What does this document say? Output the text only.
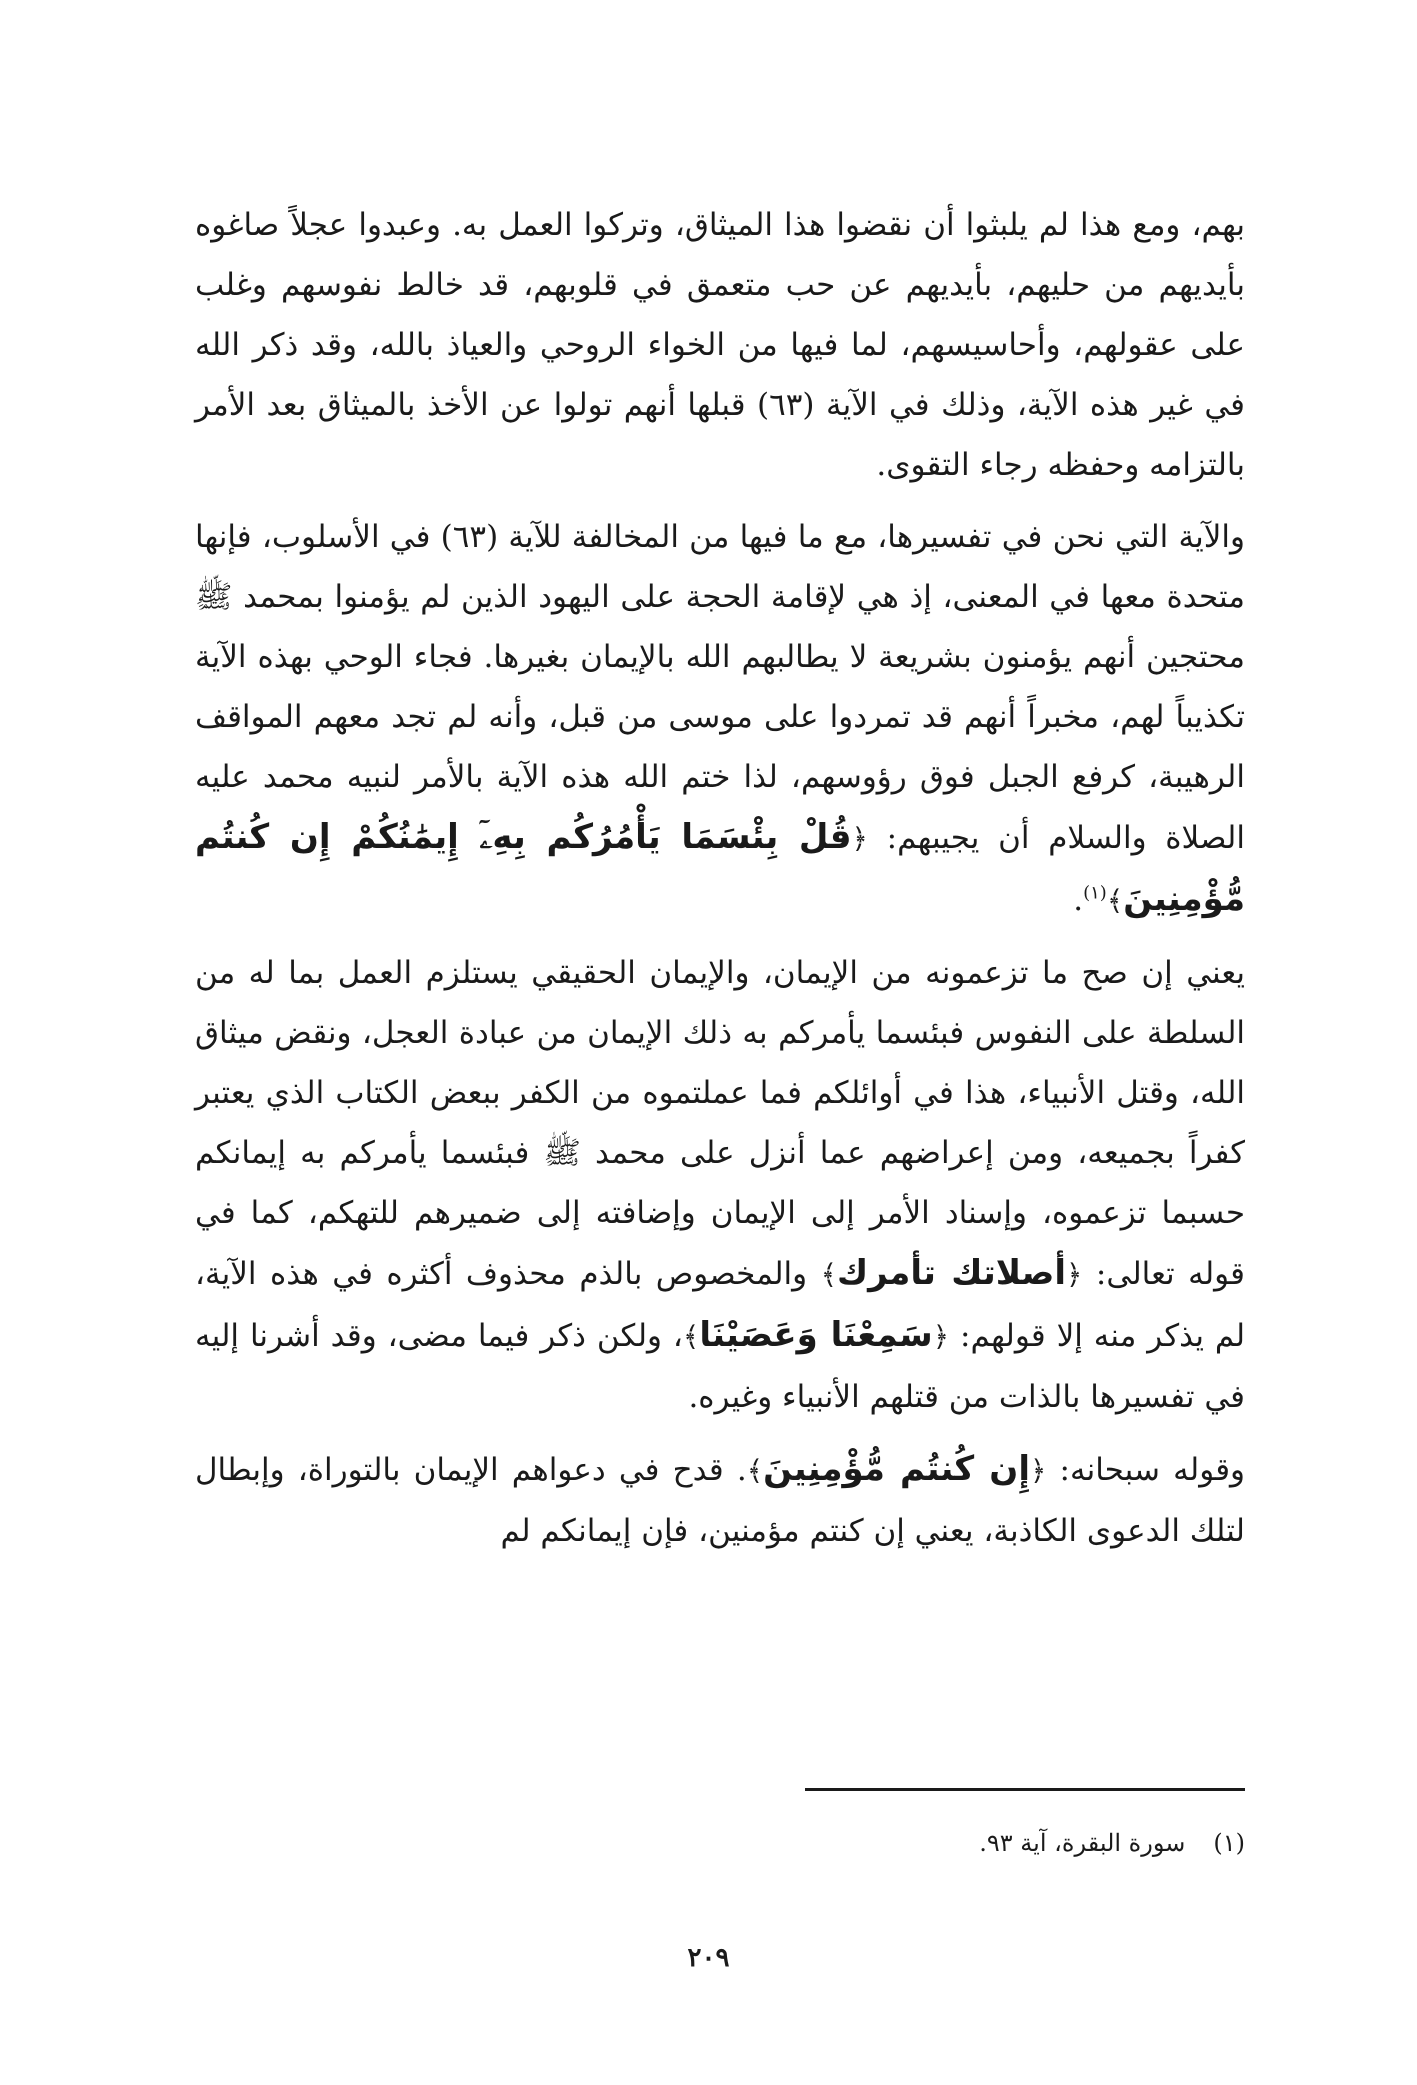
بهم، ومع هذا لم يلبثوا أن نقضوا هذا الميثاق، وتركوا العمل به. وعبدوا عجلاً صاغوه بأيديهم من حليهم، بأيديهم عن حب متعمق في قلوبهم، قد خالط نفوسهم وغلب على عقولهم، وأحاسيسهم، لما فيها من الخواء الروحي والعياذ بالله، وقد ذكر الله في غير هذه الآية، وذلك في الآية (٦٣) قبلها أنهم تولوا عن الأخذ بالميثاق بعد الأمر بالتزامه وحفظه رجاء التقوى.

والآية التي نحن في تفسيرها، مع ما فيها من المخالفة للآية (٦٣) في الأسلوب، فإنها متحدة معها في المعنى، إذ هي لإقامة الحجة على اليهود الذين لم يؤمنوا بمحمد ﷺ محتجين أنهم يؤمنون بشريعة لا يطالبهم الله بالإيمان بغيرها. فجاء الوحي بهذه الآية تكذيباً لهم، مخبراً أنهم قد تمردوا على موسى من قبل، وأنه لم تجد معهم المواقف الرهيبة، كرفع الجبل فوق رؤوسهم، لذا ختم الله هذه الآية بالأمر لنبيه محمد عليه الصلاة والسلام أن يجيبهم: ﴿قُلْ بِئْسَمَا يَأْمُرُكُم بِهِۦٓ إِيمَٰنُكُمْ إِن كُنتُم مُّؤْمِنِينَ﴾$^{(١)}$.

يعني إن صح ما تزعمونه من الإيمان، والإيمان الحقيقي يستلزم العمل بما له من السلطة على النفوس فبئسما يأمركم به ذلك الإيمان من عبادة العجل، ونقض ميثاق الله، وقتل الأنبياء، هذا في أوائلكم فما عملتموه من الكفر ببعض الكتاب الذي يعتبر كفراً بجميعه، ومن إعراضهم عما أنزل على محمد ﷺ فبئسما يأمركم به إيمانكم حسبما تزعموه، وإسناد الأمر إلى الإيمان وإضافته إلى ضميرهم للتهكم، كما في قوله تعالى: ﴿أصلاتك تأمرك﴾ والمخصوص بالذم محذوف أكثره في هذه الآية، لم يذكر منه إلا قولهم: ﴿سَمِعْنَا وَعَصَيْنَا﴾، ولكن ذكر فيما مضى، وقد أشرنا إليه في تفسيرها بالذات من قتلهم الأنبياء وغيره.

وقوله سبحانه: ﴿إِن كُنتُم مُّؤْمِنِينَ﴾. قدح في دعواهم الإيمان بالتوراة، وإبطال لتلك الدعوى الكاذبة، يعني إن كنتم مؤمنين، فإن إيمانكم لم

(١)سورة البقرة، آية ٩٣.
٢٠٩
